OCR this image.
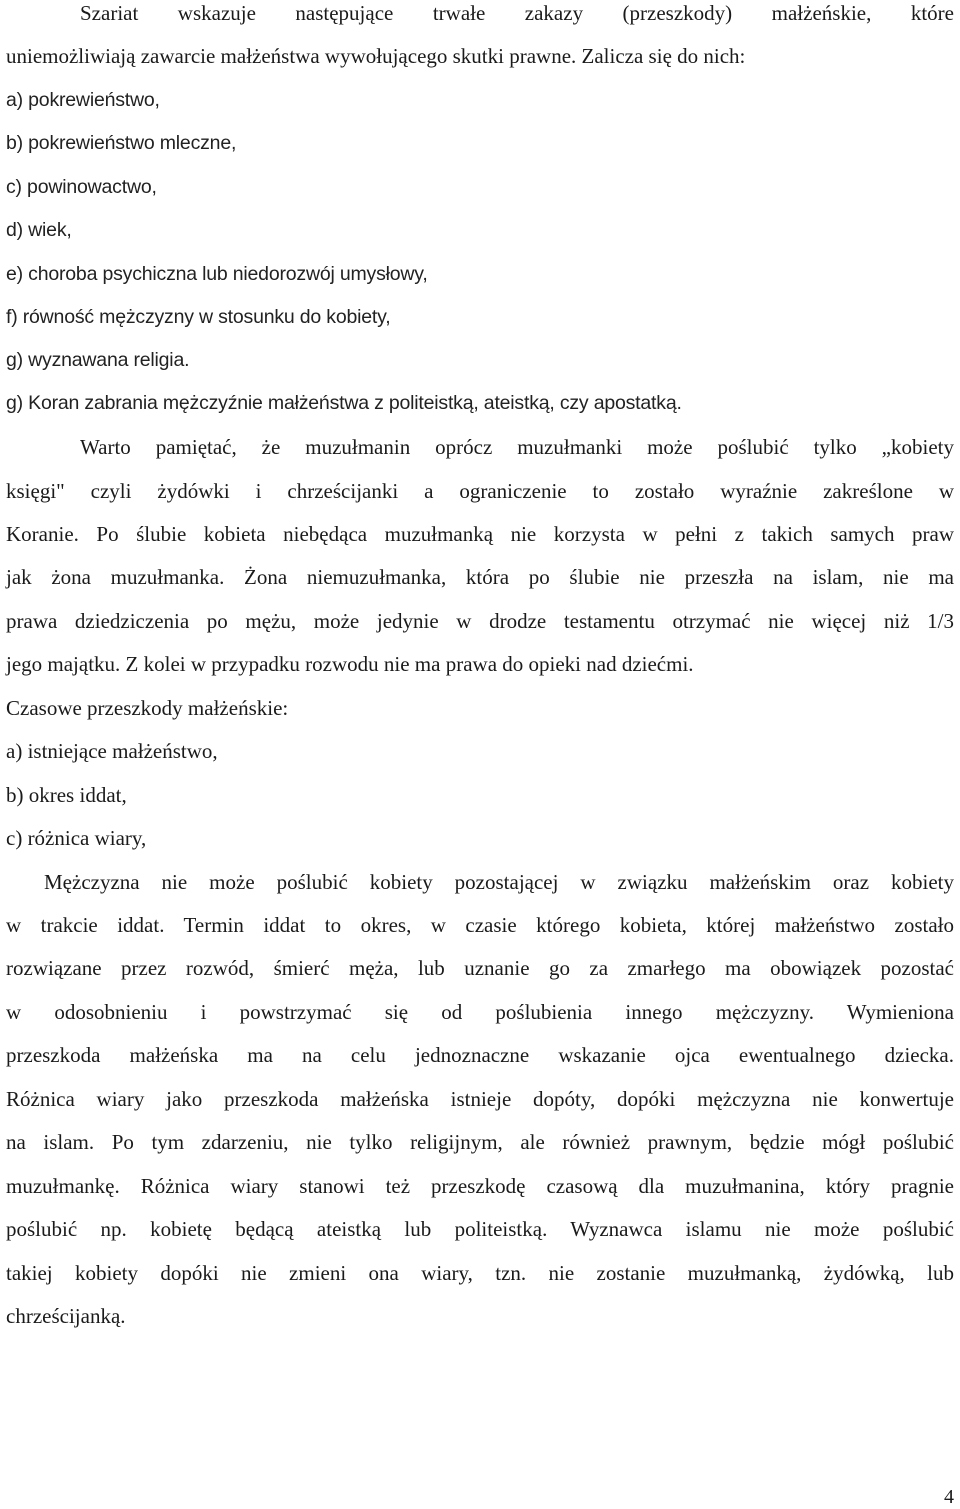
Szariat wskazuje następujące trwałe zakazy (przeszkody) małżeńskie, które
uniemożliwiają zawarcie małżeństwa wywołującego skutki prawne. Zalicza się do nich:
a) pokrewieństwo,
b) pokrewieństwo mleczne,
c) powinowactwo,
d) wiek,
e) choroba psychiczna lub niedorozwój umysłowy,
f) równość mężczyzny w stosunku do kobiety,
g) wyznawana religia.
g) Koran zabrania mężczyźnie małżeństwa z politeistką, ateistką, czy apostatką.
Warto pamiętać, że muzułmanin oprócz muzułmanki może poślubić tylko „kobiety
księgi" czyli żydówki i chrześcijanki a ograniczenie to zostało wyraźnie zakreślone w
Koranie. Po ślubie kobieta niebędąca muzułmanką nie korzysta w pełni z takich samych praw
jak żona muzułmanka. Żona niemuzułmanka, która po ślubie nie przeszła na islam, nie ma
prawa dziedziczenia po mężu, może jedynie w drodze testamentu otrzymać nie więcej niż 1/3
jego majątku. Z kolei w przypadku rozwodu nie ma prawa do opieki nad dziećmi.
Czasowe przeszkody małżeńskie:
a) istniejące małżeństwo,
b) okres iddat,
c) różnica wiary,
Mężczyzna nie może poślubić kobiety pozostającej w związku małżeńskim oraz kobiety
w trakcie iddat. Termin iddat to okres, w czasie którego kobieta, której małżeństwo zostało
rozwiązane przez rozwód, śmierć męża, lub uznanie go za zmarłego ma obowiązek pozostać
w odosobnieniu i powstrzymać się od poślubienia innego mężczyzny. Wymieniona
przeszkoda małżeńska ma na celu jednoznaczne wskazanie ojca ewentualnego dziecka.
Różnica wiary jako przeszkoda małżeńska istnieje dopóty, dopóki mężczyzna nie konwertuje
na islam. Po tym zdarzeniu, nie tylko religijnym, ale również prawnym, będzie mógł poślubić
muzułmankę. Różnica wiary stanowi też przeszkodę czasową dla muzułmanina, który pragnie
poślubić np. kobietę będącą ateistką lub politeistką. Wyznawca islamu nie może poślubić
takiej kobiety dopóki nie zmieni ona wiary, tzn. nie zostanie muzułmanką, żydówką, lub
chrześcijanką.
4
